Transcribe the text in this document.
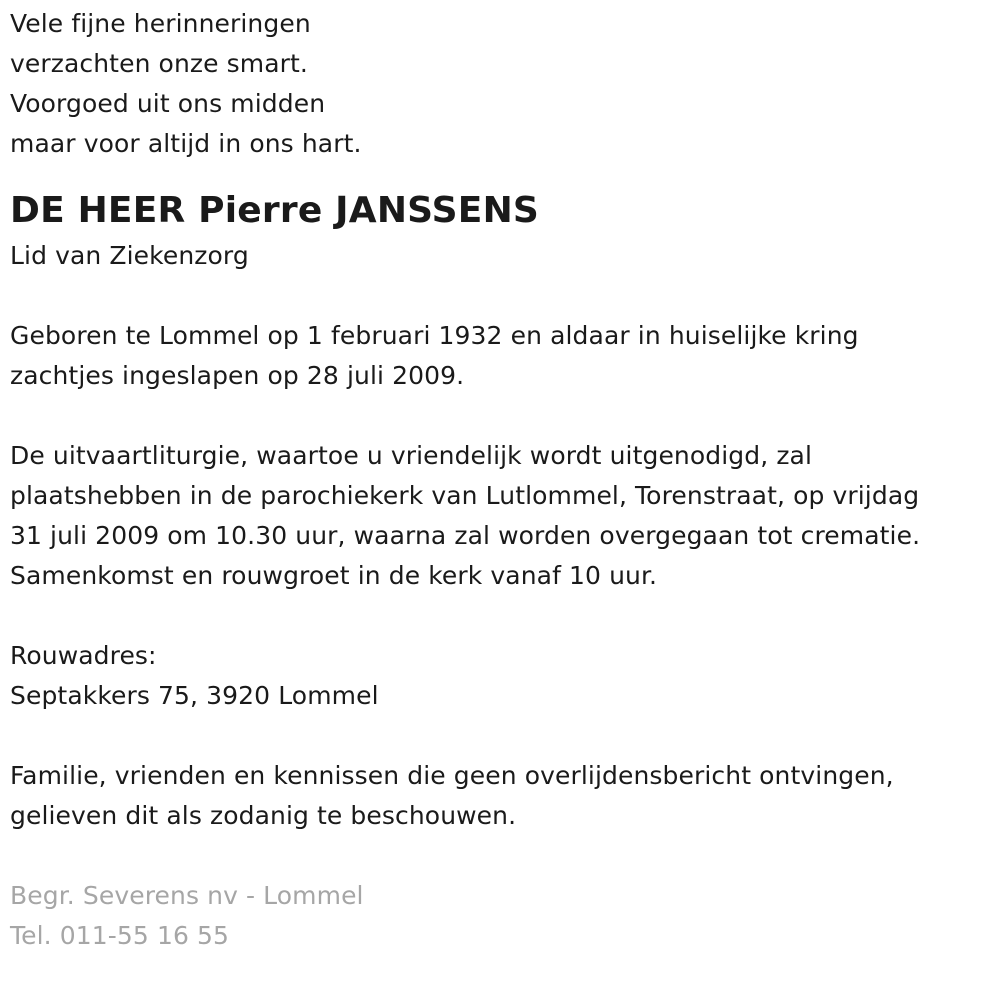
Vele fijne herinneringen
verzachten onze smart.
Voorgoed uit ons midden
maar voor altijd in ons hart.
DE HEER Pierre JANSSENS
Lid van Ziekenzorg
Geboren te Lommel op 1 februari 1932 en aldaar in huiselijke kring
zachtjes ingeslapen op 28 juli 2009.
De uitvaartliturgie, waartoe u vriendelijk wordt uitgenodigd, zal
plaatshebben in de parochiekerk van Lutlommel, Torenstraat, op vrijdag
31 juli 2009 om 10.30 uur, waarna zal worden overgegaan tot crematie.
Samenkomst en rouwgroet in de kerk vanaf 10 uur.
Rouwadres:
Septakkers 75, 3920 Lommel
Familie, vrienden en kennissen die geen overlijdensbericht ontvingen,
gelieven dit als zodanig te beschouwen.
Begr. Severens nv - Lommel
Tel. 011-55 16 55
